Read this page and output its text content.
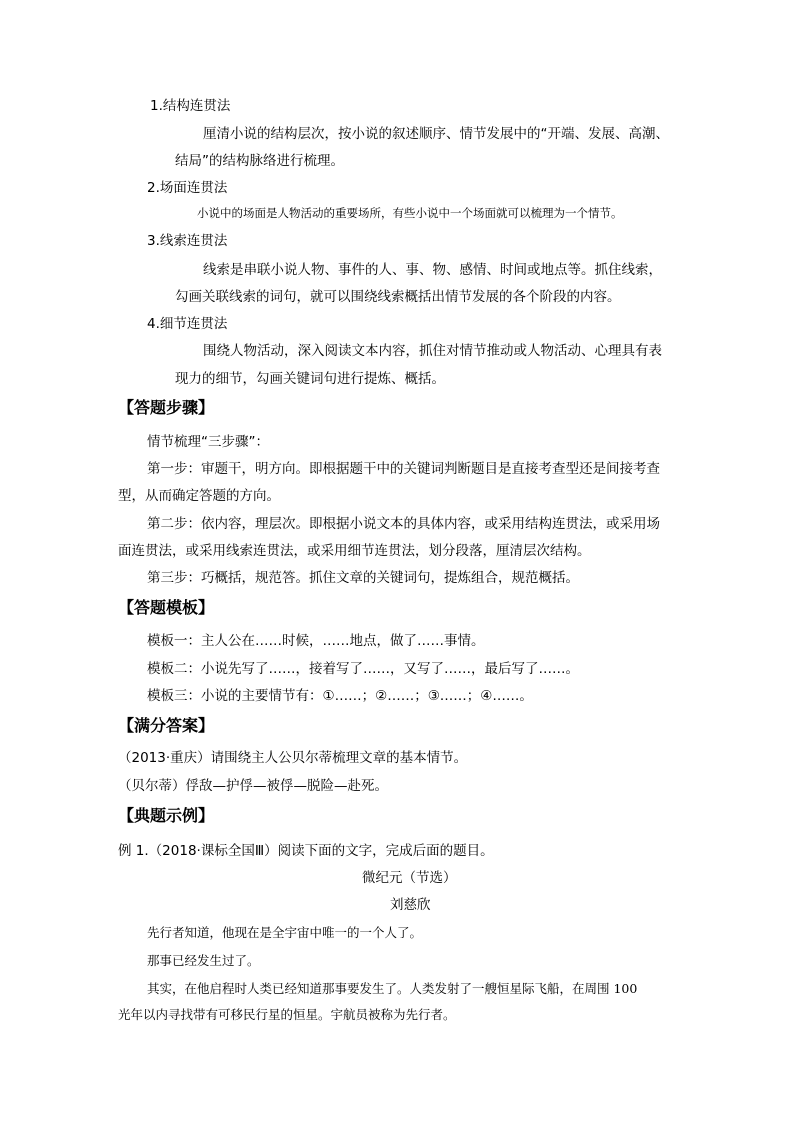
1.结构连贯法
厘清小说的结构层次，按小说的叙述顺序、情节发展中的“开端、发展、高潮、
结局”的结构脉络进行梳理。
2.场面连贯法
小说中的场面是人物活动的重要场所，有些小说中一个场面就可以梳理为一个情节。
3.线索连贯法
线索是串联小说人物、事件的人、事、物、感情、时间或地点等。抓住线索，
勾画关联线索的词句，就可以围绕线索概括出情节发展的各个阶段的内容。
4.细节连贯法
围绕人物活动，深入阅读文本内容，抓住对情节推动或人物活动、心理具有表
现力的细节，勾画关键词句进行提炼、概括。
【答题步骤】
情节梳理“三步骤”：
第一步：审题干，明方向。即根据题干中的关键词判断题目是直接考查型还是间接考查
型，从而确定答题的方向。
第二步：依内容，理层次。即根据小说文本的具体内容，或采用结构连贯法，或采用场
面连贯法，或采用线索连贯法，或采用细节连贯法，划分段落，厘清层次结构。
第三步：巧概括，规范答。抓住文章的关键词句，提炼组合，规范概括。
【答题模板】
模板一：主人公在……时候，……地点，做了……事情。
模板二：小说先写了……，接着写了……，又写了……，最后写了……。
模板三：小说的主要情节有：①……；②……；③……；④……。
【满分答案】
（2013·重庆）请围绕主人公贝尔蒂梳理文章的基本情节。
（贝尔蒂）俘敌—护俘—被俘—脱险—赴死。
【典题示例】
例 1.（2018·课标全国Ⅲ）阅读下面的文字，完成后面的题目。
微纪元（节选）
刘慈欣
先行者知道，他现在是全宇宙中唯一的一个人了。
那事已经发生过了。
其实，在他启程时人类已经知道那事要发生了。人类发射了一艘恒星际飞船，在周围 100
光年以内寻找带有可移民行星的恒星。宇航员被称为先行者。
